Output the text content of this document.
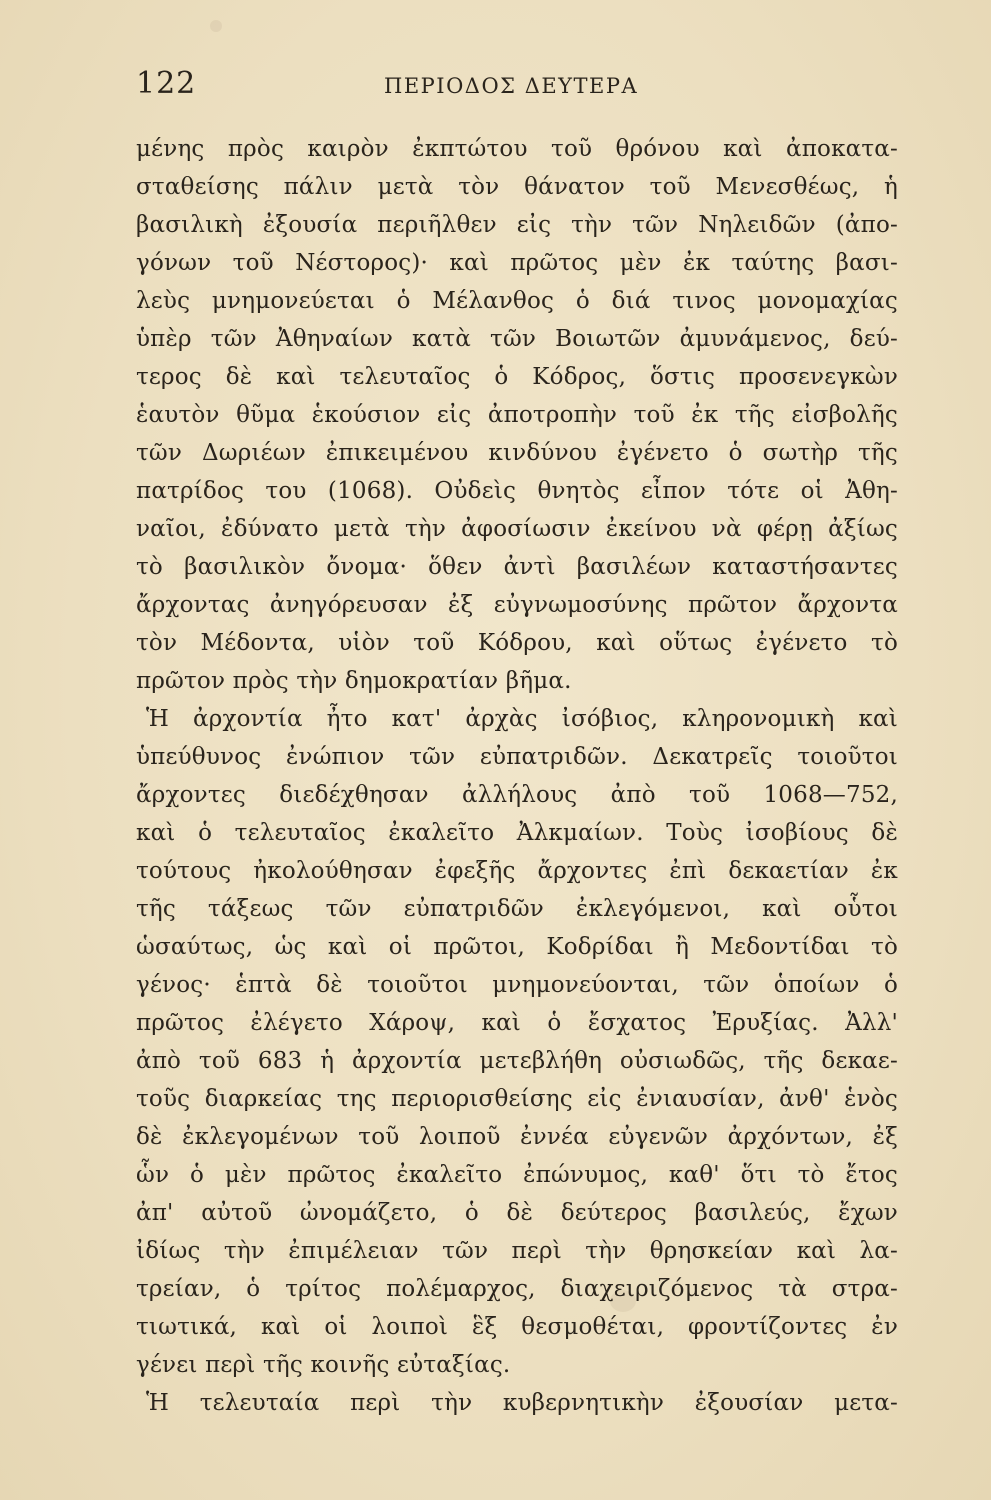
122	ΠΕΡΙΟΔΟΣ ΔΕΥΤΕΡΑ
μένης πρὸς καιρὸν ἐκπτώτου τοῦ θρόνου καὶ ἀποκατα-
σταθείσης πάλιν μετὰ τὸν θάνατον τοῦ Μενεσθέως, ἡ
βασιλικὴ ἐξουσία περιῆλθεν εἰς τὴν τῶν Νηλειδῶν (ἀπο-
γόνων τοῦ Νέστορος)· καὶ πρῶτος μὲν ἐκ ταύτης βασι-
λεὺς μνημονεύεται ὁ Μέλανθος ὁ διά τινος μονομαχίας
ὑπὲρ τῶν Ἀθηναίων κατὰ τῶν Βοιωτῶν ἀμυνάμενος, δεύ-
τερος δὲ καὶ τελευταῖος ὁ Κόδρος, ὅστις προσενεγκὼν
ἑαυτὸν θῦμα ἑκούσιον εἰς ἀποτροπὴν τοῦ ἐκ τῆς εἰσβολῆς
τῶν Δωριέων ἐπικειμένου κινδύνου ἐγένετο ὁ σωτὴρ τῆς
πατρίδος του (1068). Οὐδεὶς θνητὸς εἶπον τότε οἱ Ἀθη-
ναῖοι, ἐδύνατο μετὰ τὴν ἀφοσίωσιν ἐκείνου νὰ φέρῃ ἀξίως
τὸ βασιλικὸν ὄνομα· ὅθεν ἀντὶ βασιλέων καταστήσαντες
ἄρχοντας ἀνηγόρευσαν ἐξ εὐγνωμοσύνης πρῶτον ἄρχοντα
τὸν Μέδοντα, υἱὸν τοῦ Κόδρου, καὶ οὕτως ἐγένετο τὸ
πρῶτον πρὸς τὴν δημοκρατίαν βῆμα.
Ἡ ἀρχοντία ἦτο κατ' ἀρχὰς ἰσόβιος, κληρονομικὴ καὶ
ὑπεύθυνος ἐνώπιον τῶν εὐπατριδῶν. Δεκατρεῖς τοιοῦτοι
ἄρχοντες διεδέχθησαν ἀλλήλους ἀπὸ τοῦ 1068—752,
καὶ ὁ τελευταῖος ἐκαλεῖτο Ἀλκμαίων. Τοὺς ἰσοβίους δὲ
τούτους ἠκολούθησαν ἐφεξῆς ἄρχοντες ἐπὶ δεκαετίαν ἐκ
τῆς τάξεως τῶν εὐπατριδῶν ἐκλεγόμενοι, καὶ οὗτοι
ὡσαύτως, ὡς καὶ οἱ πρῶτοι, Κοδρίδαι ἢ Μεδοντίδαι τὸ
γένος· ἑπτὰ δὲ τοιοῦτοι μνημονεύονται, τῶν ὁποίων ὁ
πρῶτος ἐλέγετο Χάροψ, καὶ ὁ ἔσχατος Ἐρυξίας. Ἀλλ'
ἀπὸ τοῦ 683 ἡ ἀρχοντία μετεβλήθη οὐσιωδῶς, τῆς δεκαε-
τοῦς διαρκείας της περιορισθείσης εἰς ἐνιαυσίαν, ἀνθ' ἑνὸς
δὲ ἐκλεγομένων τοῦ λοιποῦ ἐννέα εὐγενῶν ἀρχόντων, ἐξ
ὧν ὁ μὲν πρῶτος ἐκαλεῖτο ἐπώνυμος, καθ' ὅτι τὸ ἔτος
ἀπ' αὐτοῦ ὠνομάζετο, ὁ δὲ δεύτερος βασιλεύς, ἔχων
ἰδίως τὴν ἐπιμέλειαν τῶν περὶ τὴν θρησκείαν καὶ λα-
τρείαν, ὁ τρίτος πολέμαρχος, διαχειριζόμενος τὰ στρα-
τιωτικά, καὶ οἱ λοιποὶ ἓξ θεσμοθέται, φροντίζοντες ἐν
γένει περὶ τῆς κοινῆς εὐταξίας.
Ἡ τελευταία περὶ τὴν κυβερνητικὴν ἐξουσίαν μετα-
